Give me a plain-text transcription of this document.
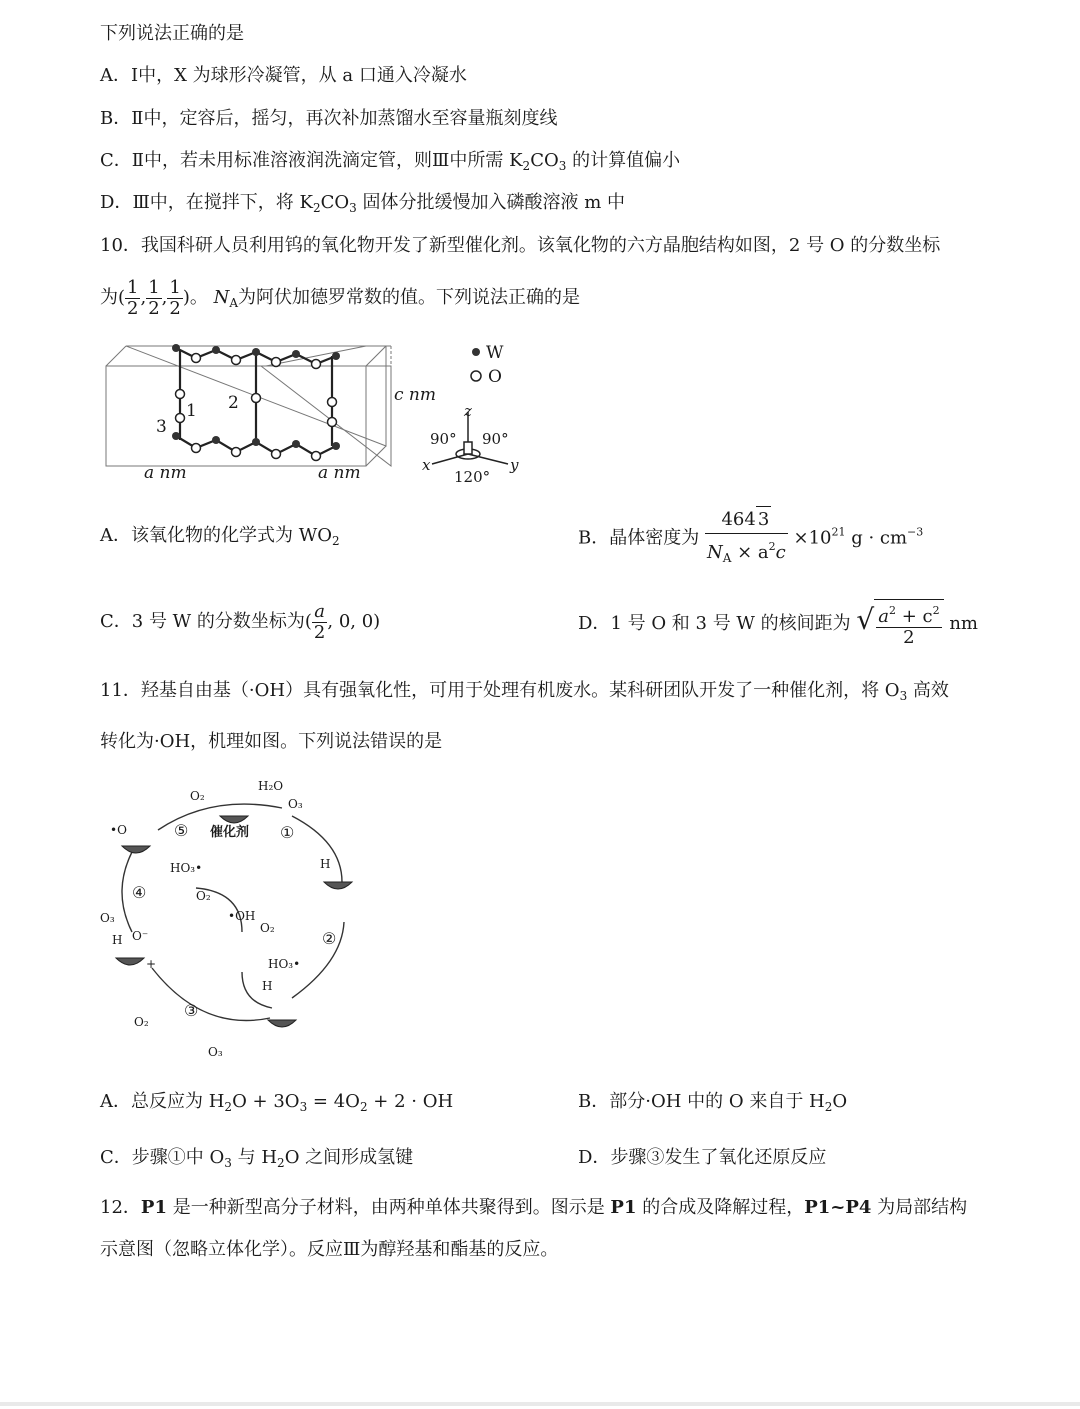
下列说法正确的是
A．Ⅰ中，X 为球形冷凝管，从 a 口通入冷凝水
B．Ⅱ中，定容后，摇匀，再次补加蒸馏水至容量瓶刻度线
C．Ⅱ中，若未用标准溶液润洗滴定管，则Ⅲ中所需 $K_2CO_3$ 的计算值偏小
D．Ⅲ中，在搅拌下，将 $K_2CO_3$ 固体分批缓慢加入磷酸溶液 m 中
10．我国科研人员利用钨的氧化物开发了新型催化剂。该氧化物的六方晶胞结构如图，2 号 O 的分数坐标
为( $\frac{1}{2}$ , $\frac{1}{2}$ , $\frac{1}{2}$ )。 $N_A$为阿伏加德罗常数的值。下列说法正确的是
1 2
3
c nm
a nm	a nm
W
O
z
x	y
90° 90°
120°
A．该氧化物的化学式为 $WO_2$	B．晶体密度为 $\frac{464 3}{N_A \times a^2c} \times 10^{21}$ $g \cdot cm^{-3}$
C．3 号 W 的分数坐标为( $\frac{a}{2}$ , 0, 0)	D．1 号 O 和 3 号 W 的核间距为 √ $\frac{a^2 + c^2}{2}$ nm
11．羟基自由基（·OH）具有强氧化性，可用于处理有机废水。某科研团队开发了一种催化剂，将 $O_3$ 高效
转化为·OH，机理如图。下列说法错误的是
催化剂
⑤	①
②
③
④
H₂O
O₃
O₂
•O
O₃
HO₃•
O₂
•OH
O₂
HO₃•
H
H O⁻
+
H
O₂
O₃
A．总反应为 $H_2O + 3O_3 = 4O_2 + 2$ · OH	B．部分·OH 中的 O 来自于 $H_2O$
C．步骤①中 $O_3$ 与 $H_2O$ 之间形成氢键	D．步骤③发生了氧化还原反应
12．P1 是一种新型高分子材料，由两种单体共聚得到。图示是 P1 的合成及降解过程，P1~P4 为局部结构
示意图（忽略立体化学）。反应Ⅲ为醇羟基和酯基的反应。
